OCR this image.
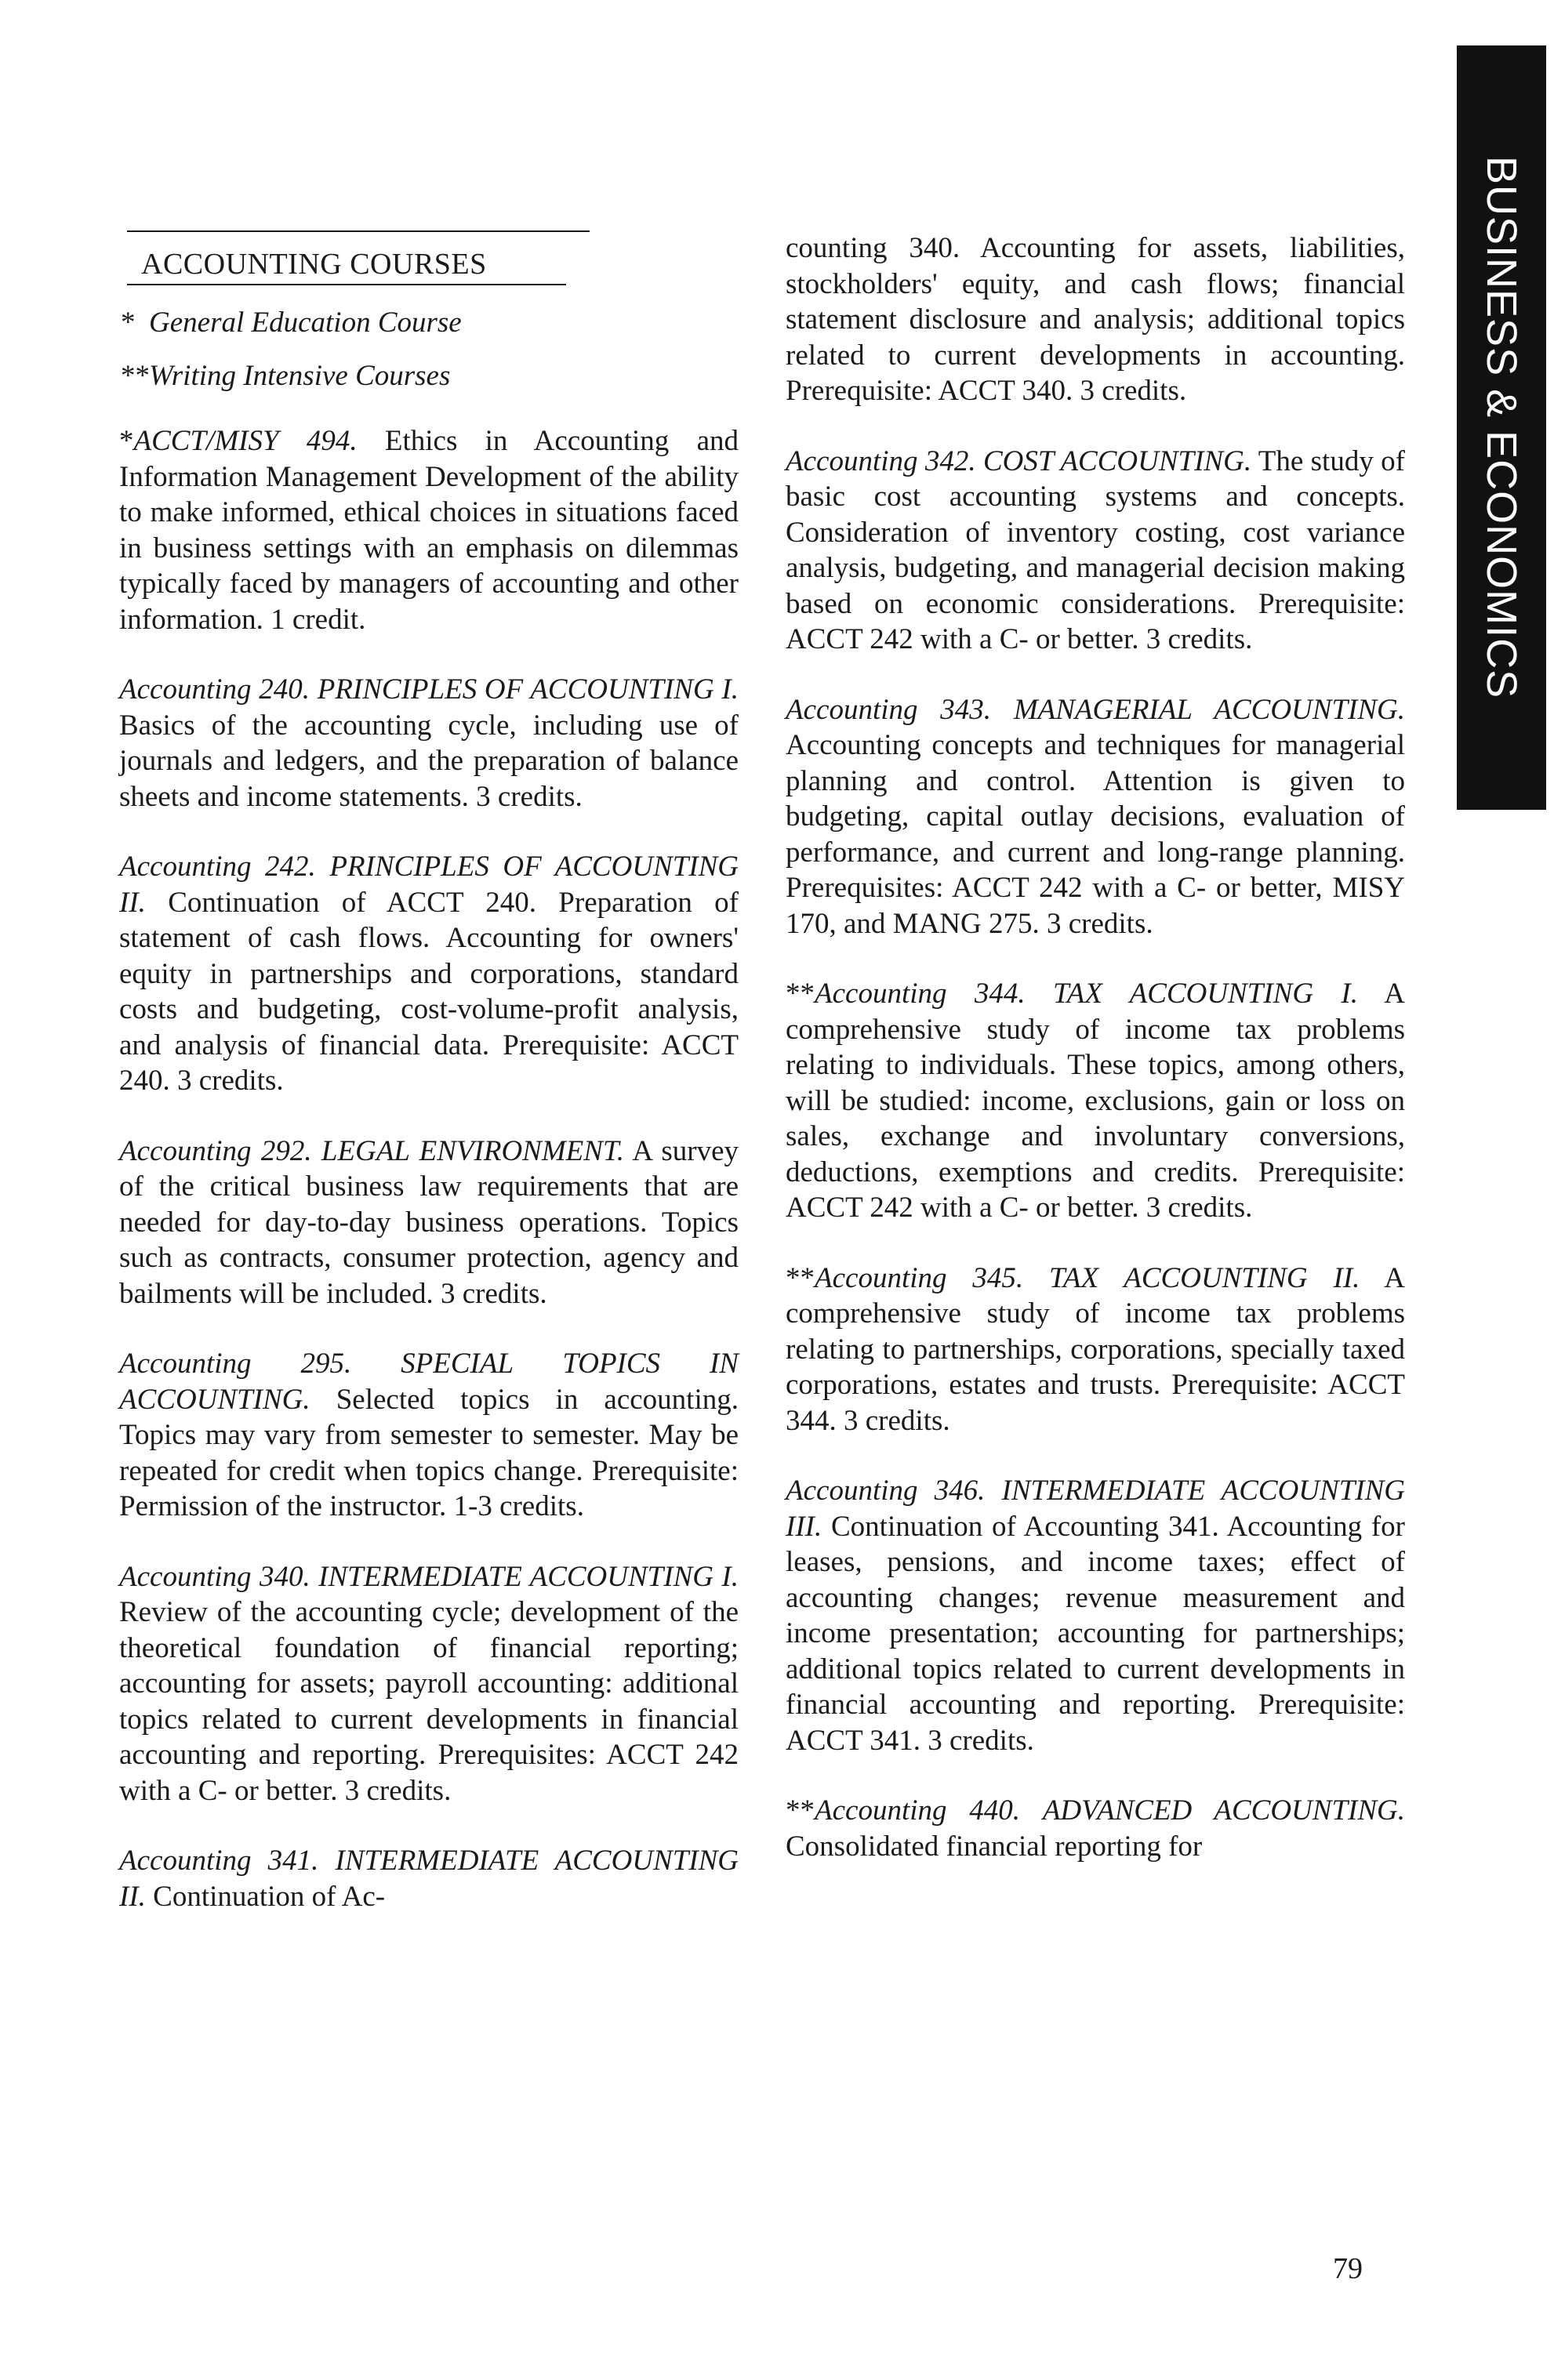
BUSINESS & ECONOMICS
ACCOUNTING COURSES
* General Education Course
**Writing Intensive Courses
*ACCT/MISY 494. Ethics in Accounting and Information Management Development of the ability to make informed, ethical choices in situations faced in business settings with an emphasis on dilemmas typically faced by managers of accounting and other information. 1 credit.
Accounting 240. PRINCIPLES OF ACCOUNTING I. Basics of the accounting cycle, including use of journals and ledgers, and the preparation of balance sheets and income statements. 3 credits.
Accounting 242. PRINCIPLES OF ACCOUNTING II. Continuation of ACCT 240. Preparation of statement of cash flows. Accounting for owners' equity in partnerships and corporations, standard costs and budgeting, cost-volume-profit analysis, and analysis of financial data. Prerequisite: ACCT 240. 3 credits.
Accounting 292. LEGAL ENVIRONMENT. A survey of the critical business law requirements that are needed for day-to-day business operations. Topics such as contracts, consumer protection, agency and bailments will be included. 3 credits.
Accounting 295. SPECIAL TOPICS IN ACCOUNTING. Selected topics in accounting. Topics may vary from semester to semester. May be repeated for credit when topics change. Prerequisite: Permission of the instructor. 1-3 credits.
Accounting 340. INTERMEDIATE ACCOUNTING I. Review of the accounting cycle; development of the theoretical foundation of financial reporting; accounting for assets; payroll accounting: additional topics related to current developments in financial accounting and reporting. Prerequisites: ACCT 242 with a C- or better. 3 credits.
Accounting 341. INTERMEDIATE ACCOUNTING II. Continuation of Ac-
counting 340. Accounting for assets, liabilities, stockholders' equity, and cash flows; financial statement disclosure and analysis; additional topics related to current developments in accounting. Prerequisite: ACCT 340. 3 credits.
Accounting 342. COST ACCOUNTING. The study of basic cost accounting systems and concepts. Consideration of inventory costing, cost variance analysis, budgeting, and managerial decision making based on economic considerations. Prerequisite: ACCT 242 with a C- or better. 3 credits.
Accounting 343. MANAGERIAL ACCOUNTING. Accounting concepts and techniques for managerial planning and control. Attention is given to budgeting, capital outlay decisions, evaluation of performance, and current and long-range planning. Prerequisites: ACCT 242 with a C- or better, MISY 170, and MANG 275. 3 credits.
**Accounting 344. TAX ACCOUNTING I. A comprehensive study of income tax problems relating to individuals. These topics, among others, will be studied: income, exclusions, gain or loss on sales, exchange and involuntary conversions, deductions, exemptions and credits. Prerequisite: ACCT 242 with a C- or better. 3 credits.
**Accounting 345. TAX ACCOUNTING II. A comprehensive study of income tax problems relating to partnerships, corporations, specially taxed corporations, estates and trusts. Prerequisite: ACCT 344. 3 credits.
Accounting 346. INTERMEDIATE ACCOUNTING III. Continuation of Accounting 341. Accounting for leases, pensions, and income taxes; effect of accounting changes; revenue measurement and income presentation; accounting for partnerships; additional topics related to current developments in financial accounting and reporting. Prerequisite: ACCT 341. 3 credits.
**Accounting 440. ADVANCED ACCOUNTING. Consolidated financial reporting for
79
